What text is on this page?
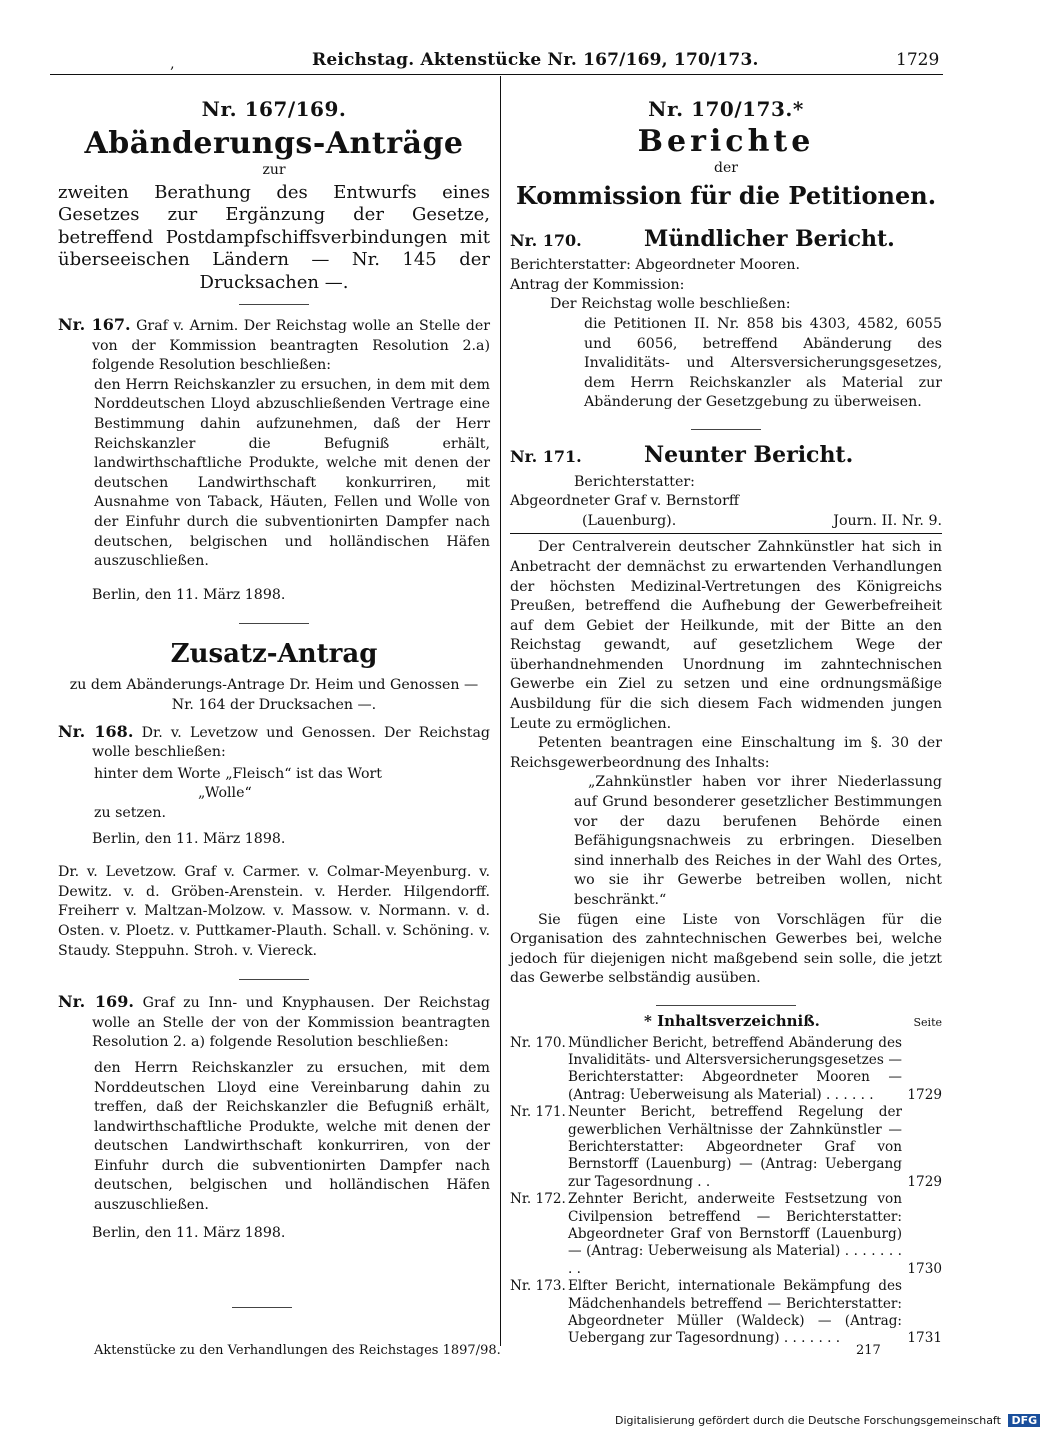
‚	Reichstag. Aktenstücke Nr. 167/169, 170/173.	1729
Nr. 167/169.
Abänderungs-Anträge
zur

zweiten Berathung des Entwurfs eines Gesetzes zur Ergänzung der Gesetze, betreffend Postdampfschiffsverbindungen mit überseeischen Ländern — Nr. 145 der Drucksachen —.

Nr. 167. Graf v. Arnim. Der Reichstag wolle an Stelle der von der Kommission beantragten Resolution 2.a) folgende Resolution beschließen:

den Herrn Reichskanzler zu ersuchen, in dem mit dem Norddeutschen Lloyd abzuschließenden Vertrage eine Bestimmung dahin aufzunehmen, daß der Herr Reichskanzler die Befugniß erhält, landwirthschaftliche Produkte, welche mit denen der deutschen Landwirthschaft konkurriren, mit Ausnahme von Taback, Häuten, Fellen und Wolle von der Einfuhr durch die subventionirten Dampfer nach deutschen, belgischen und holländischen Häfen auszuschließen.

Berlin, den 11. März 1898.

Zusatz-Antrag

zu dem Abänderungs-Antrage Dr. Heim und Genossen — Nr. 164 der Drucksachen —.

Nr. 168. Dr. v. Levetzow und Genossen. Der Reichstag wolle beschließen:

hinter dem Worte „Fleisch“ ist das Wort

„Wolle“

zu setzen.

Berlin, den 11. März 1898.

Dr. v. Levetzow. Graf v. Carmer. v. Colmar-Meyenburg. v. Dewitz. v. d. Gröben-Arenstein. v. Herder. Hilgendorff. Freiherr v. Maltzan-Molzow. v. Massow. v. Normann. v. d. Osten. v. Ploetz. v. Puttkamer-Plauth. Schall. v. Schöning. v. Staudy. Steppuhn. Stroh. v. Viereck.

Nr. 169. Graf zu Inn- und Knyphausen. Der Reichstag wolle an Stelle der von der Kommission beantragten Resolution 2. a) folgende Resolution beschließen:

den Herrn Reichskanzler zu ersuchen, mit dem Norddeutschen Lloyd eine Vereinbarung dahin zu treffen, daß der Reichskanzler die Befugniß erhält, landwirthschaftliche Produkte, welche mit denen der deutschen Landwirthschaft konkurriren, von der Einfuhr durch die subventionirten Dampfer nach deutschen, belgischen und holländischen Häfen auszuschließen.

Berlin, den 11. März 1898.

Aktenstücke zu den Verhandlungen des Reichstages 1897/98.
Nr. 170/173.*
Berichte
der
Kommission für die Petitionen.
Nr. 170.	Mündlicher Bericht.

Berichterstatter: Abgeordneter Mooren.

Antrag der Kommission:

Der Reichstag wolle beschließen:

die Petitionen II. Nr. 858 bis 4303, 4582, 6055 und 6056, betreffend Abänderung des Invaliditäts- und Altersversicherungsgesetzes, dem Herrn Reichskanzler als Material zur Abänderung der Gesetzgebung zu überweisen.

Nr. 171.	Neunter Bericht.

Berichterstatter:

Abgeordneter Graf v. Bernstorff

(Lauenburg).	Journ. II. Nr. 9.

Der Centralverein deutscher Zahnkünstler hat sich in Anbetracht der demnächst zu erwartenden Verhandlungen der höchsten Medizinal-Vertretungen des Königreichs Preußen, betreffend die Aufhebung der Gewerbefreiheit auf dem Gebiet der Heilkunde, mit der Bitte an den Reichstag gewandt, auf gesetzlichem Wege der überhandnehmenden Unordnung im zahntechnischen Gewerbe ein Ziel zu setzen und eine ordnungsmäßige Ausbildung für die sich diesem Fach widmenden jungen Leute zu ermöglichen.

Petenten beantragen eine Einschaltung im §. 30 der Reichsgewerbeordnung des Inhalts:

„Zahnkünstler haben vor ihrer Niederlassung auf Grund besonderer gesetzlicher Bestimmungen vor der dazu berufenen Behörde einen Befähigungsnachweis zu erbringen. Dieselben sind innerhalb des Reiches in der Wahl des Ortes, wo sie ihr Gewerbe betreiben wollen, nicht beschränkt.“

Sie fügen eine Liste von Vorschlägen für die Organisation des zahntechnischen Gewerbes bei, welche jedoch für diejenigen nicht maßgebend sein solle, die jetzt das Gewerbe selbständig ausüben.

* Inhaltsverzeichniß.	Seite
Nr. 170. Mündlicher Bericht, betreffend Abänderung des Invaliditäts- und Altersversicherungsgesetzes — Berichterstatter: Abgeordneter Mooren — (Antrag: Ueberweisung als Material) . . . . . .	1729
Nr. 171. Neunter Bericht, betreffend Regelung der gewerblichen Verhältnisse der Zahnkünstler — Berichterstatter: Abgeordneter Graf von Bernstorff (Lauenburg) — (Antrag: Uebergang zur Tagesordnung . .	1729
Nr. 172. Zehnter Bericht, anderweite Festsetzung von Civilpension betreffend — Berichterstatter: Abgeordneter Graf von Bernstorff (Lauenburg) — (Antrag: Ueberweisung als Material) . . . . . . . . .	1730
Nr. 173. Elfter Bericht, internationale Bekämpfung des Mädchenhandels betreffend — Berichterstatter: Abgeordneter Müller (Waldeck) — (Antrag: Uebergang zur Tagesordnung) . . . . . . .	1731
217
Digitalisierung gefördert durch die Deutsche Forschungsgemeinschaft DFG
